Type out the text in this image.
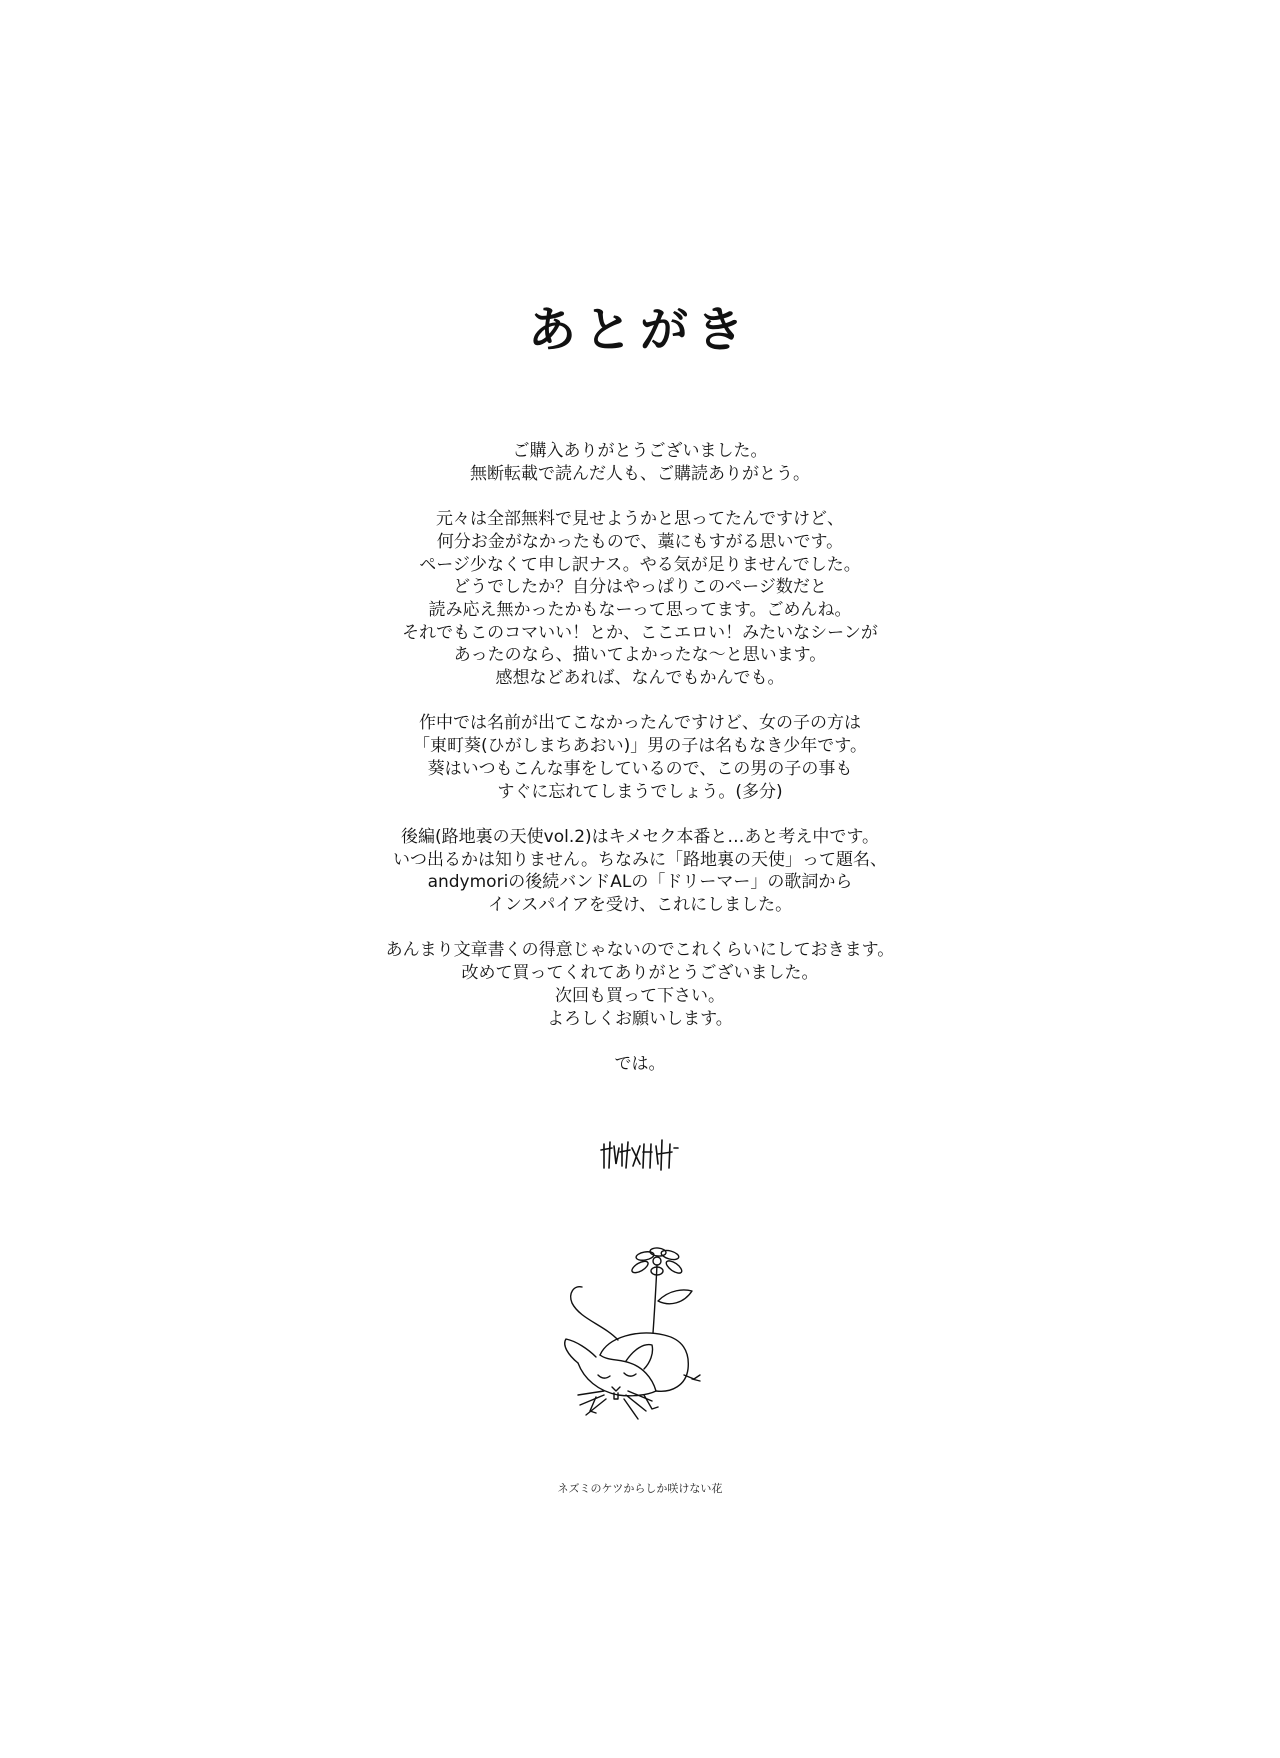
あとがき
ご購入ありがとうございました。
無断転載で読んだ人も、ご購読ありがとう。
元々は全部無料で見せようかと思ってたんですけど、
何分お金がなかったもので、藁にもすがる思いです。
ページ少なくて申し訳ナス。やる気が足りませんでした。
どうでしたか？自分はやっぱりこのページ数だと
読み応え無かったかもなーって思ってます。ごめんね。
それでもこのコマいい！とか、ここエロい！みたいなシーンが
あったのなら、描いてよかったな〜と思います。
感想などあれば、なんでもかんでも。
作中では名前が出てこなかったんですけど、女の子の方は
「東町葵(ひがしまちあおい)」男の子は名もなき少年です。
葵はいつもこんな事をしているので、この男の子の事も
すぐに忘れてしまうでしょう。(多分)
後編(路地裏の天使vol.2)はキメセク本番と…あと考え中です。
いつ出るかは知りません。ちなみに「路地裏の天使」って題名、
andymoriの後続バンドALの「ドリーマー」の歌詞から
インスパイアを受け、これにしました。
あんまり文章書くの得意じゃないのでこれくらいにしておきます。
改めて買ってくれてありがとうございました。
次回も買って下さい。
よろしくお願いします。
では。
ネズミのケツからしか咲けない花
